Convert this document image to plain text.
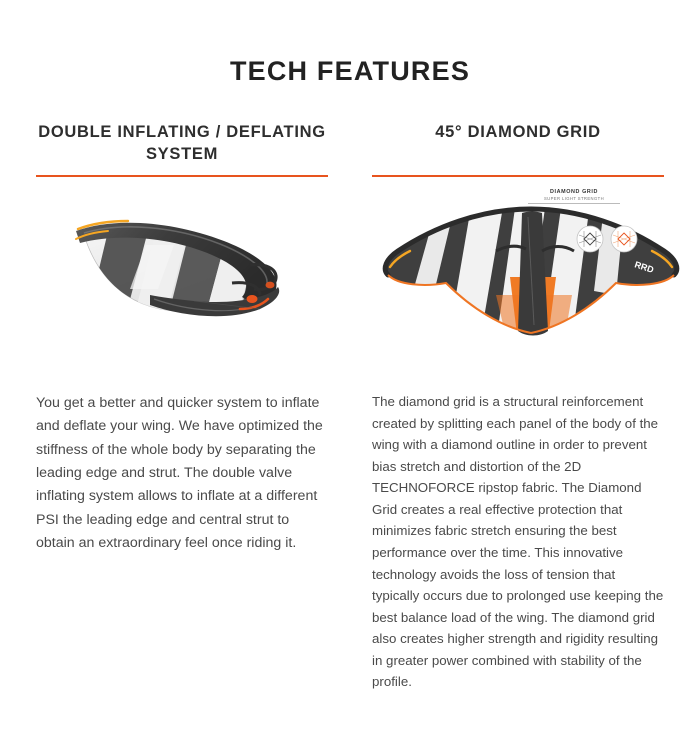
TECH FEATURES
DOUBLE INFLATING / DEFLATING SYSTEM

You get a better and quicker system to inflate and deflate your wing. We have optimized the stiffness of the whole body by separating the leading edge and strut. The double valve inflating system allows to inflate at a different PSI the leading edge and central strut to obtain an extraordinary feel once riding it.

45° DIAMOND GRID
RRD
DIAMOND GRID
SUPER LIGHT STRENGTH

The diamond grid is a structural reinforcement created by splitting each panel of the body of the wing with a diamond outline in order to prevent bias stretch and distortion of the 2D TECHNOFORCE ripstop fabric. The Diamond Grid creates a real effective protection that minimizes fabric stretch ensuring the best performance over the time. This innovative technology avoids the loss of tension that typically occurs due to prolonged use keeping the best balance load of the wing. The diamond grid also creates higher strength and rigidity resulting in greater power combined with stability of the profile.
